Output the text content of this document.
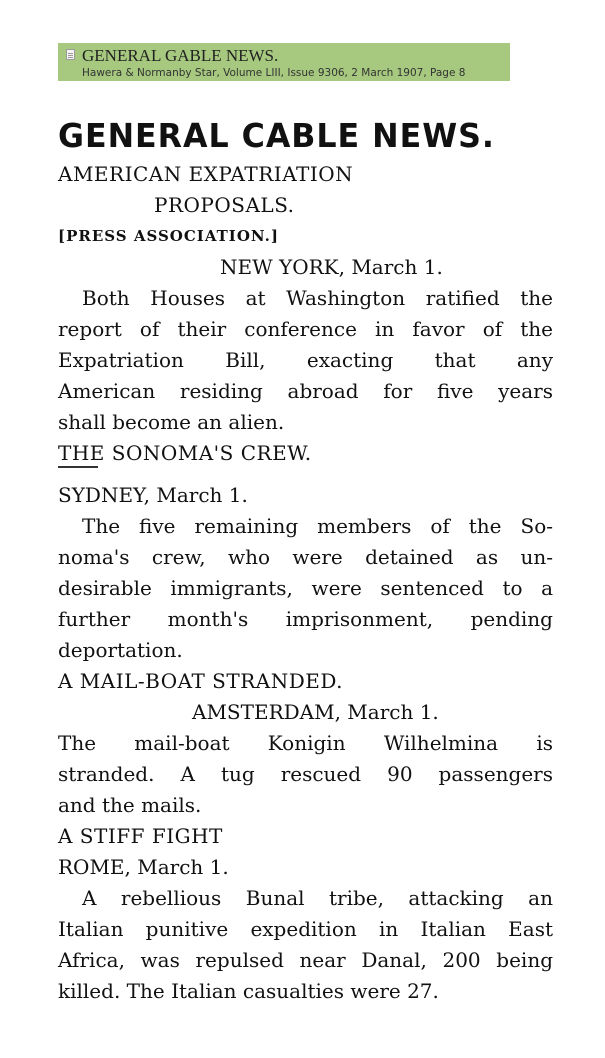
GENERAL GABLE NEWS.
Hawera & Normanby Star, Volume LIII, Issue 9306, 2 March 1907, Page 8
GENERAL CABLE NEWS.
AMERICAN EXPATRIATION
PROPOSALS.
[PRESS ASSOCIATION.]
NEW YORK, March 1.
Both Houses at Washington ratified the
report of their conference in favor of the
Expatriation Bill, exacting that any
American residing abroad for five years
shall become an alien.
THE SONOMA'S CREW.
SYDNEY, March 1.
The five remaining members of the So-
noma's crew, who were detained as un-
desirable immigrants, were sentenced to a
further month's imprisonment, pending
deportation.
A MAIL-BOAT STRANDED.
AMSTERDAM, March 1.
The mail-boat Konigin Wilhelmina is
stranded. A tug rescued 90 passengers
and the mails.
A STIFF FIGHT
ROME, March 1.
A rebellious Bunal tribe, attacking an
Italian punitive expedition in Italian East
Africa, was repulsed near Danal, 200 being
killed. The Italian casualties were 27.
